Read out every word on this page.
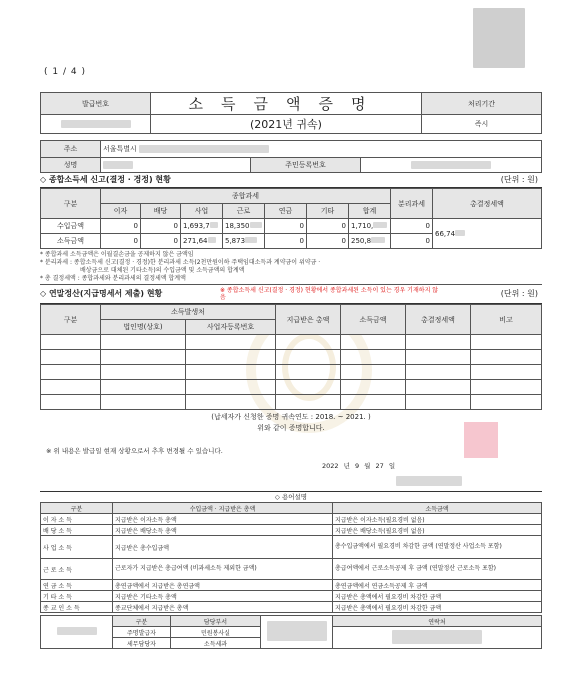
( 1 / 4 )
발급번호	소득금액증명	처리기간

	(2021년 귀속)	즉시
주소	서울특별시		
성명		주민등록번호	
◇ 종합소득세 신고(결정 · 경정) 현황	(단위 : 원)
구분	종합과세							분리과세	총결정세액
	이자	배당	사업	근로	연금	기타	합계		
수입금액	0	0	1,693,7	18,350	0	0	1,710,	0	66,74
소득금액	0	0	271,64	5,873	0	0	250,8	0	
* 종합과세 소득금액은 이월결손금을 공제하지 않은 금액임
* 분리과세 : 종합소득세 신고(결정 · 경정)한 분리과세 소득(2천만원이하 주택임대소득과 계약금이 위약금 ·
배상금으로 대체된 기타소득)의 수입금액 및 소득금액의 합계액
* 총 결정세액 : 종합과세와 분리과세의 결정세액 합계액
◇ 연말정산(지급명세서 제출) 현황	※ 종합소득세 신고(결정 · 경정) 현황에서 종합과세된 소득이 있는 경우 기재하지 않음	(단위 : 원)
구분	소득발생처		지급받은 총액	소득금액	총결정세액	비고
	법인명(상호)	사업자등록번호				

(납세자가 신청한 증명 귀속연도 : 2018. ~ 2021. )
위와 같이 증명합니다.
※ 위 내용은 발급일 현재 상황으로서 추후 변경될 수 있습니다.
2022 년 9 월 27 일
◇ 용어설명
구분	수입금액 · 지급받은 총액	소득금액
이 자 소 득	지급받은 이자소득 총액	지급받은 이자소득(필요경비 없음)
배 당 소 득	지급받은 배당소득 총액	지급받은 배당소득(필요경비 없음)
사 업 소 득	지급받은 총수입금액	총수입금액에서 필요경비 차감한 금액 (연말정산 사업소득 포함)
근 로 소 득	근로자가 지급받은 총급여액 (비과세소득 제외한 금액)	총급여액에서 근로소득공제 후 금액 (연말정산 근로소득 포함)
연 금 소 득	총연금액에서 지급받은 총연금액	총연금액에서 연금소득공제 후 금액
기 타 소 득	지급받은 기타소득 총액	지급받은 총액에서 필요경비 차감한 금액
종 교 인 소 득	종교단체에서 지급받은 총액	지급받은 총액에서 필요경비 차감한 금액
	구분	담당부서		연락처
	주명발급자	민원봉사실		
	세무담당자	소득세과		
